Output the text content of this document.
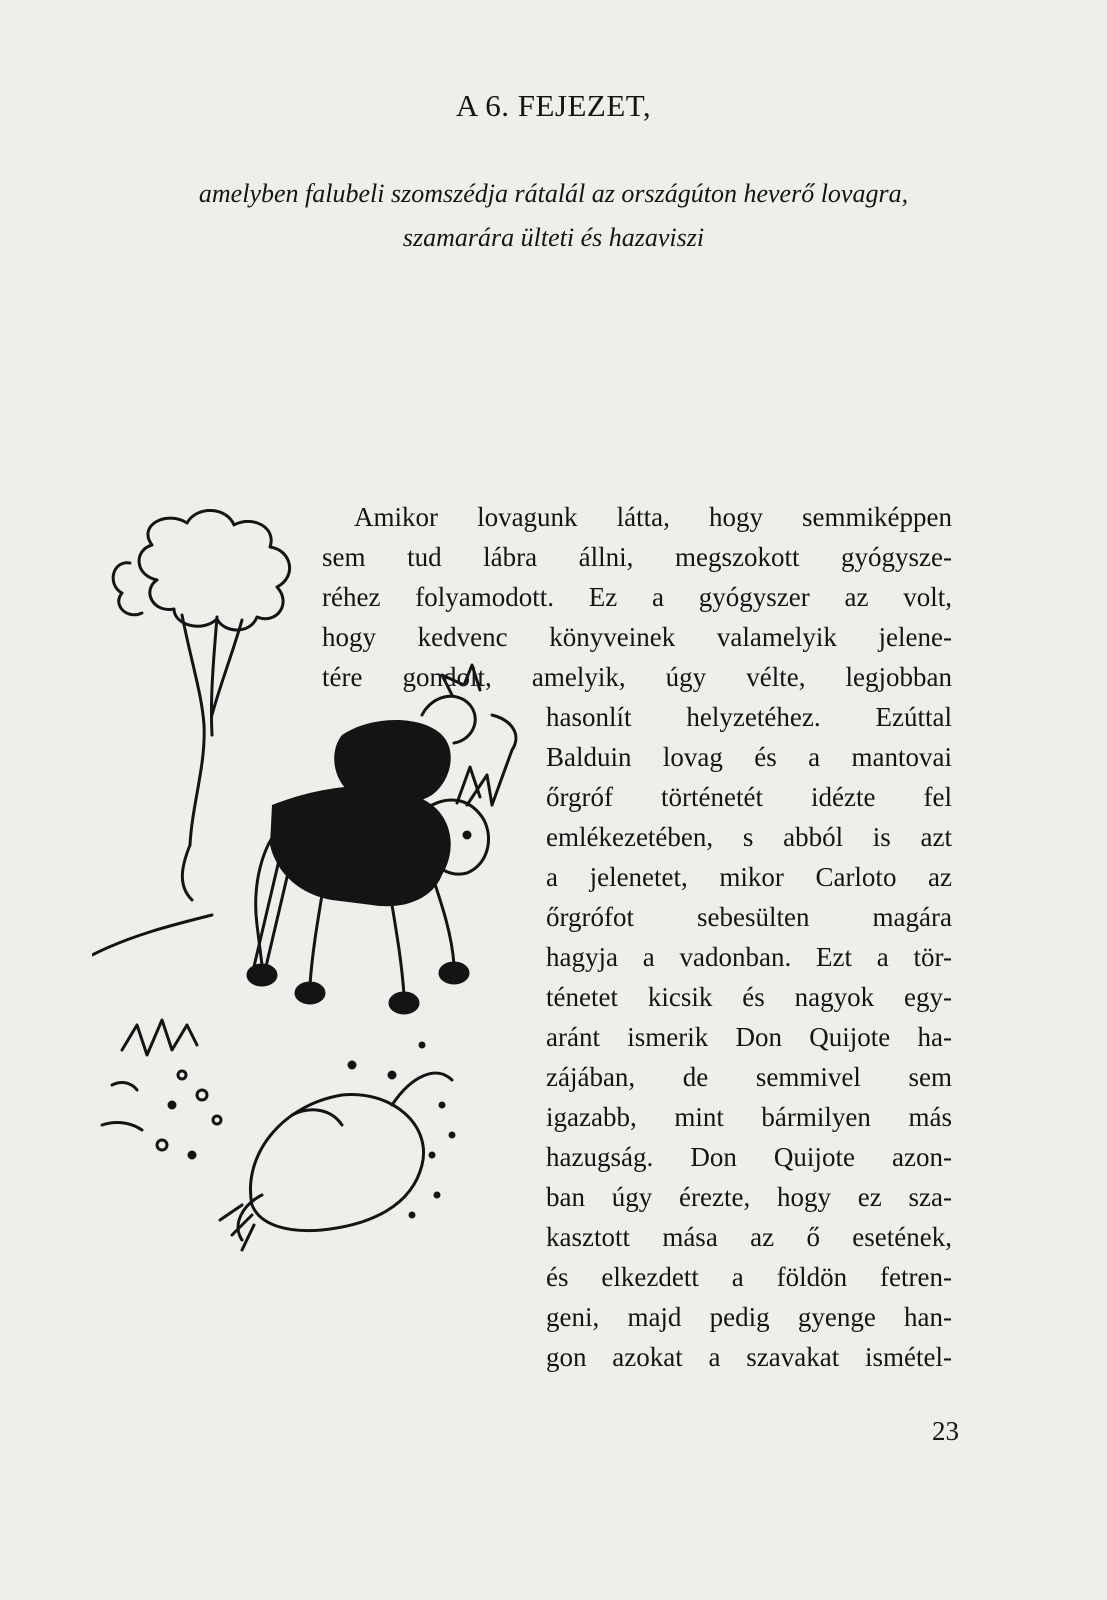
A 6. FEJEZET,
amelyben falubeli szomszédja rátalál az országúton heverő lovagra,
szamarára ülteti és hazaviszi
Amikor lovagunk látta, hogy semmiképpen
sem tud lábra állni, megszokott gyógysze-
réhez folyamodott. Ez a gyógyszer az volt,
hogy kedvenc könyveinek valamelyik jelene-
tére gondolt, amelyik, úgy vélte, legjobban
hasonlít helyzetéhez. Ezúttal
Balduin lovag és a mantovai
őrgróf történetét idézte fel
emlékezetében, s abból is azt
a jelenetet, mikor Carloto az
őrgrófot sebesülten magára
hagyja a vadonban. Ezt a tör-
ténetet kicsik és nagyok egy-
aránt ismerik Don Quijote ha-
zájában, de semmivel sem
igazabb, mint bármilyen más
hazugság. Don Quijote azon-
ban úgy érezte, hogy ez sza-
kasztott mása az ő esetének,
és elkezdett a földön fetren-
geni, majd pedig gyenge han-
gon azokat a szavakat ismétel-
23
